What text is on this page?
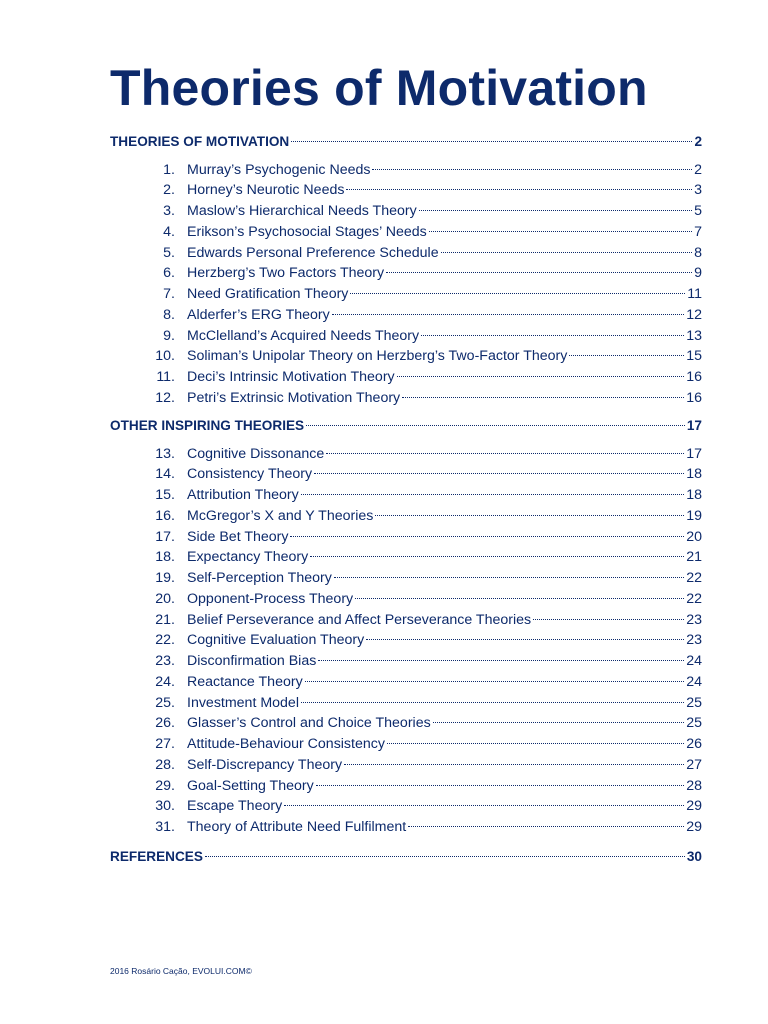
Theories of Motivation
THEORIES OF MOTIVATION	2
1. Murray’s Psychogenic Needs	2
2. Horney’s Neurotic Needs	3
3. Maslow’s Hierarchical Needs Theory	5
4. Erikson’s Psychosocial Stages’ Needs	7
5. Edwards Personal Preference Schedule	8
6. Herzberg’s Two Factors Theory	9
7. Need Gratification Theory	11
8. Alderfer’s ERG Theory	12
9. McClelland’s Acquired Needs Theory	13
10. Soliman’s Unipolar Theory on Herzberg’s Two-Factor Theory	15
11. Deci’s Intrinsic Motivation Theory	16
12. Petri’s Extrinsic Motivation Theory	16
OTHER INSPIRING THEORIES	17
13. Cognitive Dissonance	17
14. Consistency Theory	18
15. Attribution Theory	18
16. McGregor’s X and Y Theories	19
17. Side Bet Theory	20
18. Expectancy Theory	21
19. Self-Perception Theory	22
20. Opponent-Process Theory	22
21. Belief Perseverance and Affect Perseverance Theories	23
22. Cognitive Evaluation Theory	23
23. Disconfirmation Bias	24
24. Reactance Theory	24
25. Investment Model	25
26. Glasser’s Control and Choice Theories	25
27. Attitude-Behaviour Consistency	26
28. Self-Discrepancy Theory	27
29. Goal-Setting Theory	28
30. Escape Theory	29
31. Theory of Attribute Need Fulfilment	29
REFERENCES	30
2016 Rosário Cação, EVOLUI.COM©
